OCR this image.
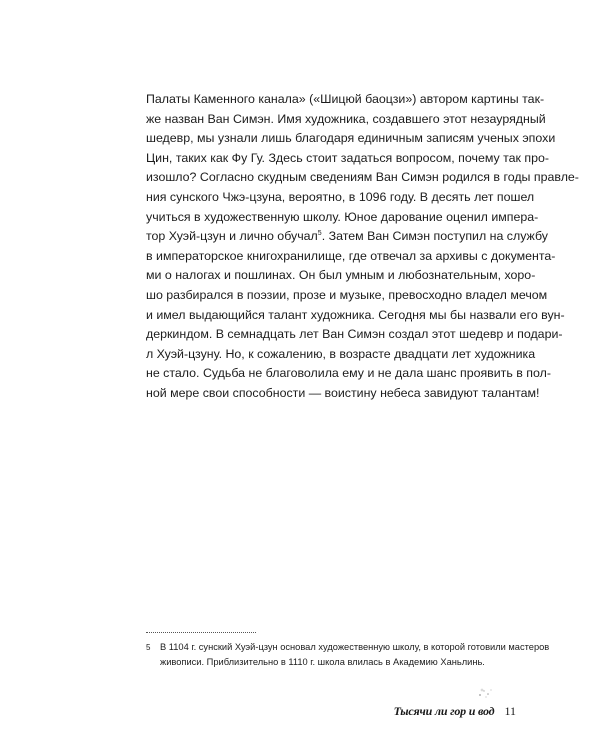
Палаты Каменного канала» («Шицюй баоцзи») автором картины так-
же назван Ван Симэн. Имя художника, создавшего этот незаурядный
шедевр, мы узнали лишь благодаря единичным записям ученых эпохи
Цин, таких как Фу Гу. Здесь стоит задаться вопросом, почему так про-
изошло? Согласно скудным сведениям Ван Симэн родился в годы правле-
ния сунского Чжэ-цзуна, вероятно, в 1096 году. В десять лет пошел
учиться в художественную школу. Юное дарование оценил импера-
тор Хуэй-цзун и лично обучал$^5$. Затем Ван Симэн поступил на службу
в императорское книгохранилище, где отвечал за архивы с документа-
ми о налогах и пошлинах. Он был умным и любознательным, хоро-
шо разбирался в поэзии, прозе и музыке, превосходно владел мечом
и имел выдающийся талант художника. Сегодня мы бы назвали его вун-
деркиндом. В семнадцать лет Ван Симэн создал этот шедевр и подари-
л Хуэй-цзуну. Но, к сожалению, в возрасте двадцати лет художника
не стало. Судьба не благоволила ему и не дала шанс проявить в пол-
ной мере свои способности — воистину небеса завидуют талантам!
5 В 1104 г. сунский Хуэй-цзун основал художественную школу, в которой готовили мастеров
живописи. Приблизительно в 1110 г. школа влилась в Академию Ханьлинь.
Тысячи ли гор и вод 11
